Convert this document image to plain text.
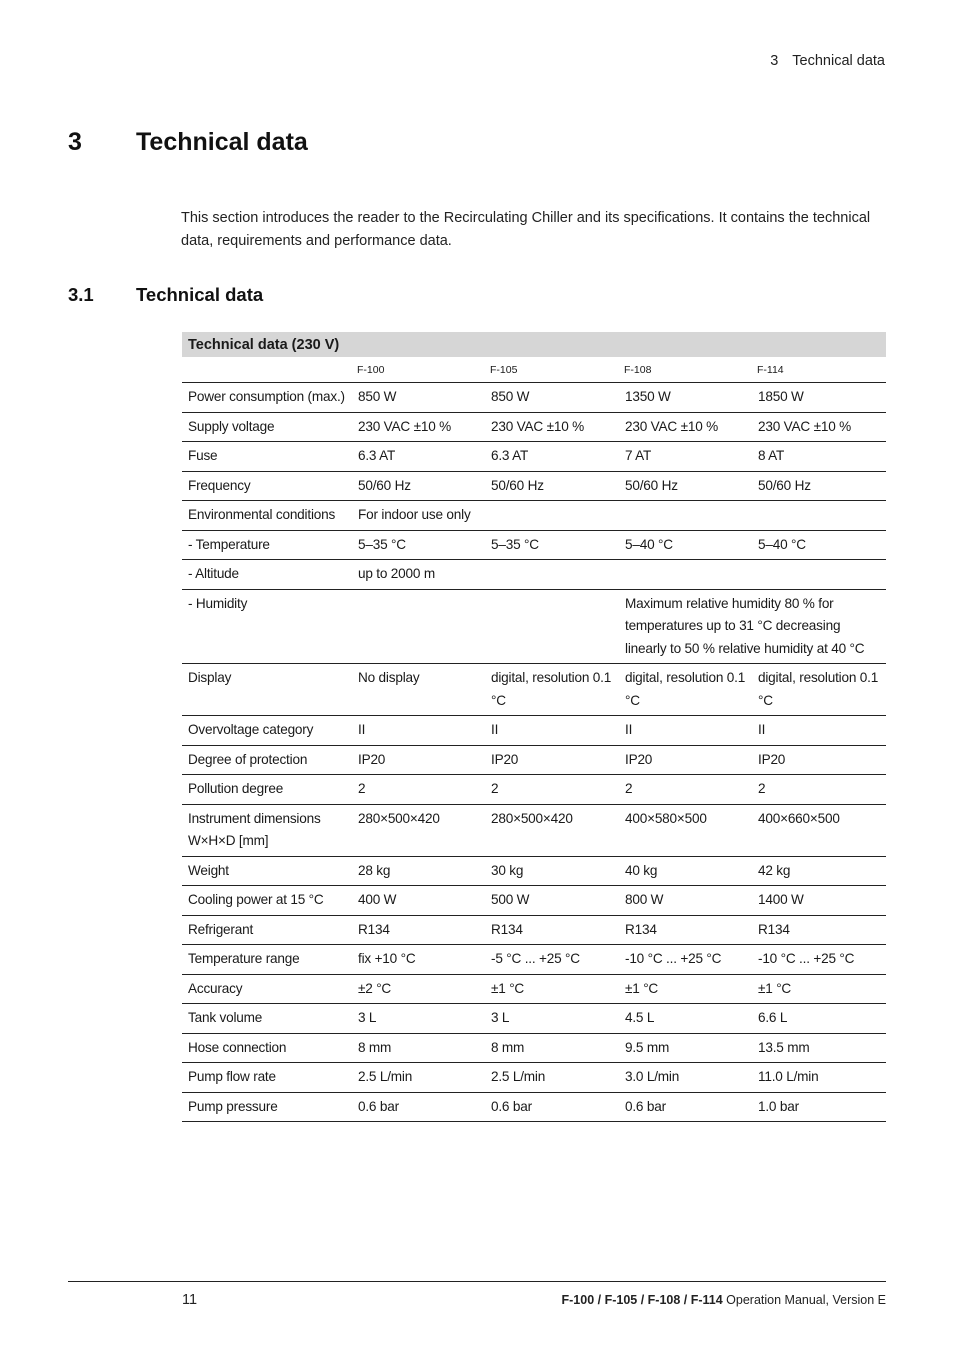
3 Technical data
3 Technical data

This section introduces the reader to the Recirculating Chiller and its specifications. It contains the technical data, requirements and performance data.

3.1 Technical data
Technical data (230 V)				
	F-100	F-105	F-108	F-114
Power consumption (max.)	850 W	850 W	1350 W	1850 W
Supply voltage	230 VAC ±10 %	230 VAC ±10 %	230 VAC ±10 %	230 VAC ±10 %
Fuse	6.3 AT	6.3 AT	7 AT	8 AT
Frequency	50/60 Hz	50/60 Hz	50/60 Hz	50/60 Hz
Environmental conditions	For indoor use only			
- Temperature	5–35 °C	5–35 °C	5–40 °C	5–40 °C
- Altitude	up to 2000 m			
- Humidity			Maximum relative humidity 80 % for temperatures up to 31 °C decreasing linearly to 50 % relative humidity at 40 °C	
Display	No display	digital, resolution 0.1 °C	digital, resolution 0.1 °C	digital, resolution 0.1 °C
Overvoltage category	II	II	II	II
Degree of protection	IP20	IP20	IP20	IP20
Pollution degree	2	2	2	2
Instrument dimensions W×H×D [mm]	280×500×420	280×500×420	400×580×500	400×660×500
Weight	28 kg	30 kg	40 kg	42 kg
Cooling power at 15 °C	400 W	500 W	800 W	1400 W
Refrigerant	R134	R134	R134	R134
Temperature range	fix +10 °C	-5 °C ... +25 °C	-10 °C ... +25 °C	-10 °C ... +25 °C
Accuracy	±2 °C	±1 °C	±1 °C	±1 °C
Tank volume	3 L	3 L	4.5 L	6.6 L
Hose connection	8 mm	8 mm	9.5 mm	13.5 mm
Pump flow rate	2.5 L/min	2.5 L/min	3.0 L/min	11.0 L/min
Pump pressure	0.6 bar	0.6 bar	0.6 bar	1.0 bar
11	F-100 / F-105 / F-108 / F-114 Operation Manual, Version E
